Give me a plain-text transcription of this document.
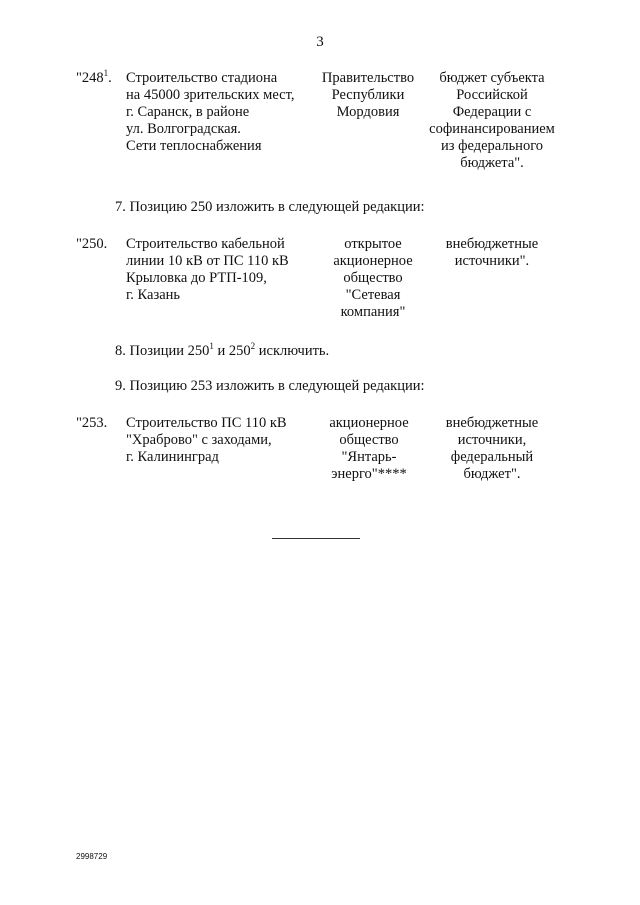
3
"$248^1$. Строительство стадиона
на 45000 зрительских мест,
г. Саранск, в районе
ул. Волгоградская.
Сети теплоснабжения
Правительство
Республики
Мордовия
бюджет субъекта
Российской
Федерации с
софинансированием
из федерального
бюджета".
7. Позицию 250 изложить в следующей редакции:
"250. Строительство кабельной
линии 10 кВ от ПС 110 кВ
Крыловка до РТП-109,
г. Казань
открытое
акционерное
общество
"Сетевая
компания"
внебюджетные
источники".
8. Позиции $250^1$ и $250^2$ исключить.
9. Позицию 253 изложить в следующей редакции:
"253. Строительство ПС 110 кВ
"Храброво" с заходами,
г. Калининград
акционерное
общество
"Янтарь-
энерго"****
внебюджетные
источники,
федеральный
бюджет".
2998729
